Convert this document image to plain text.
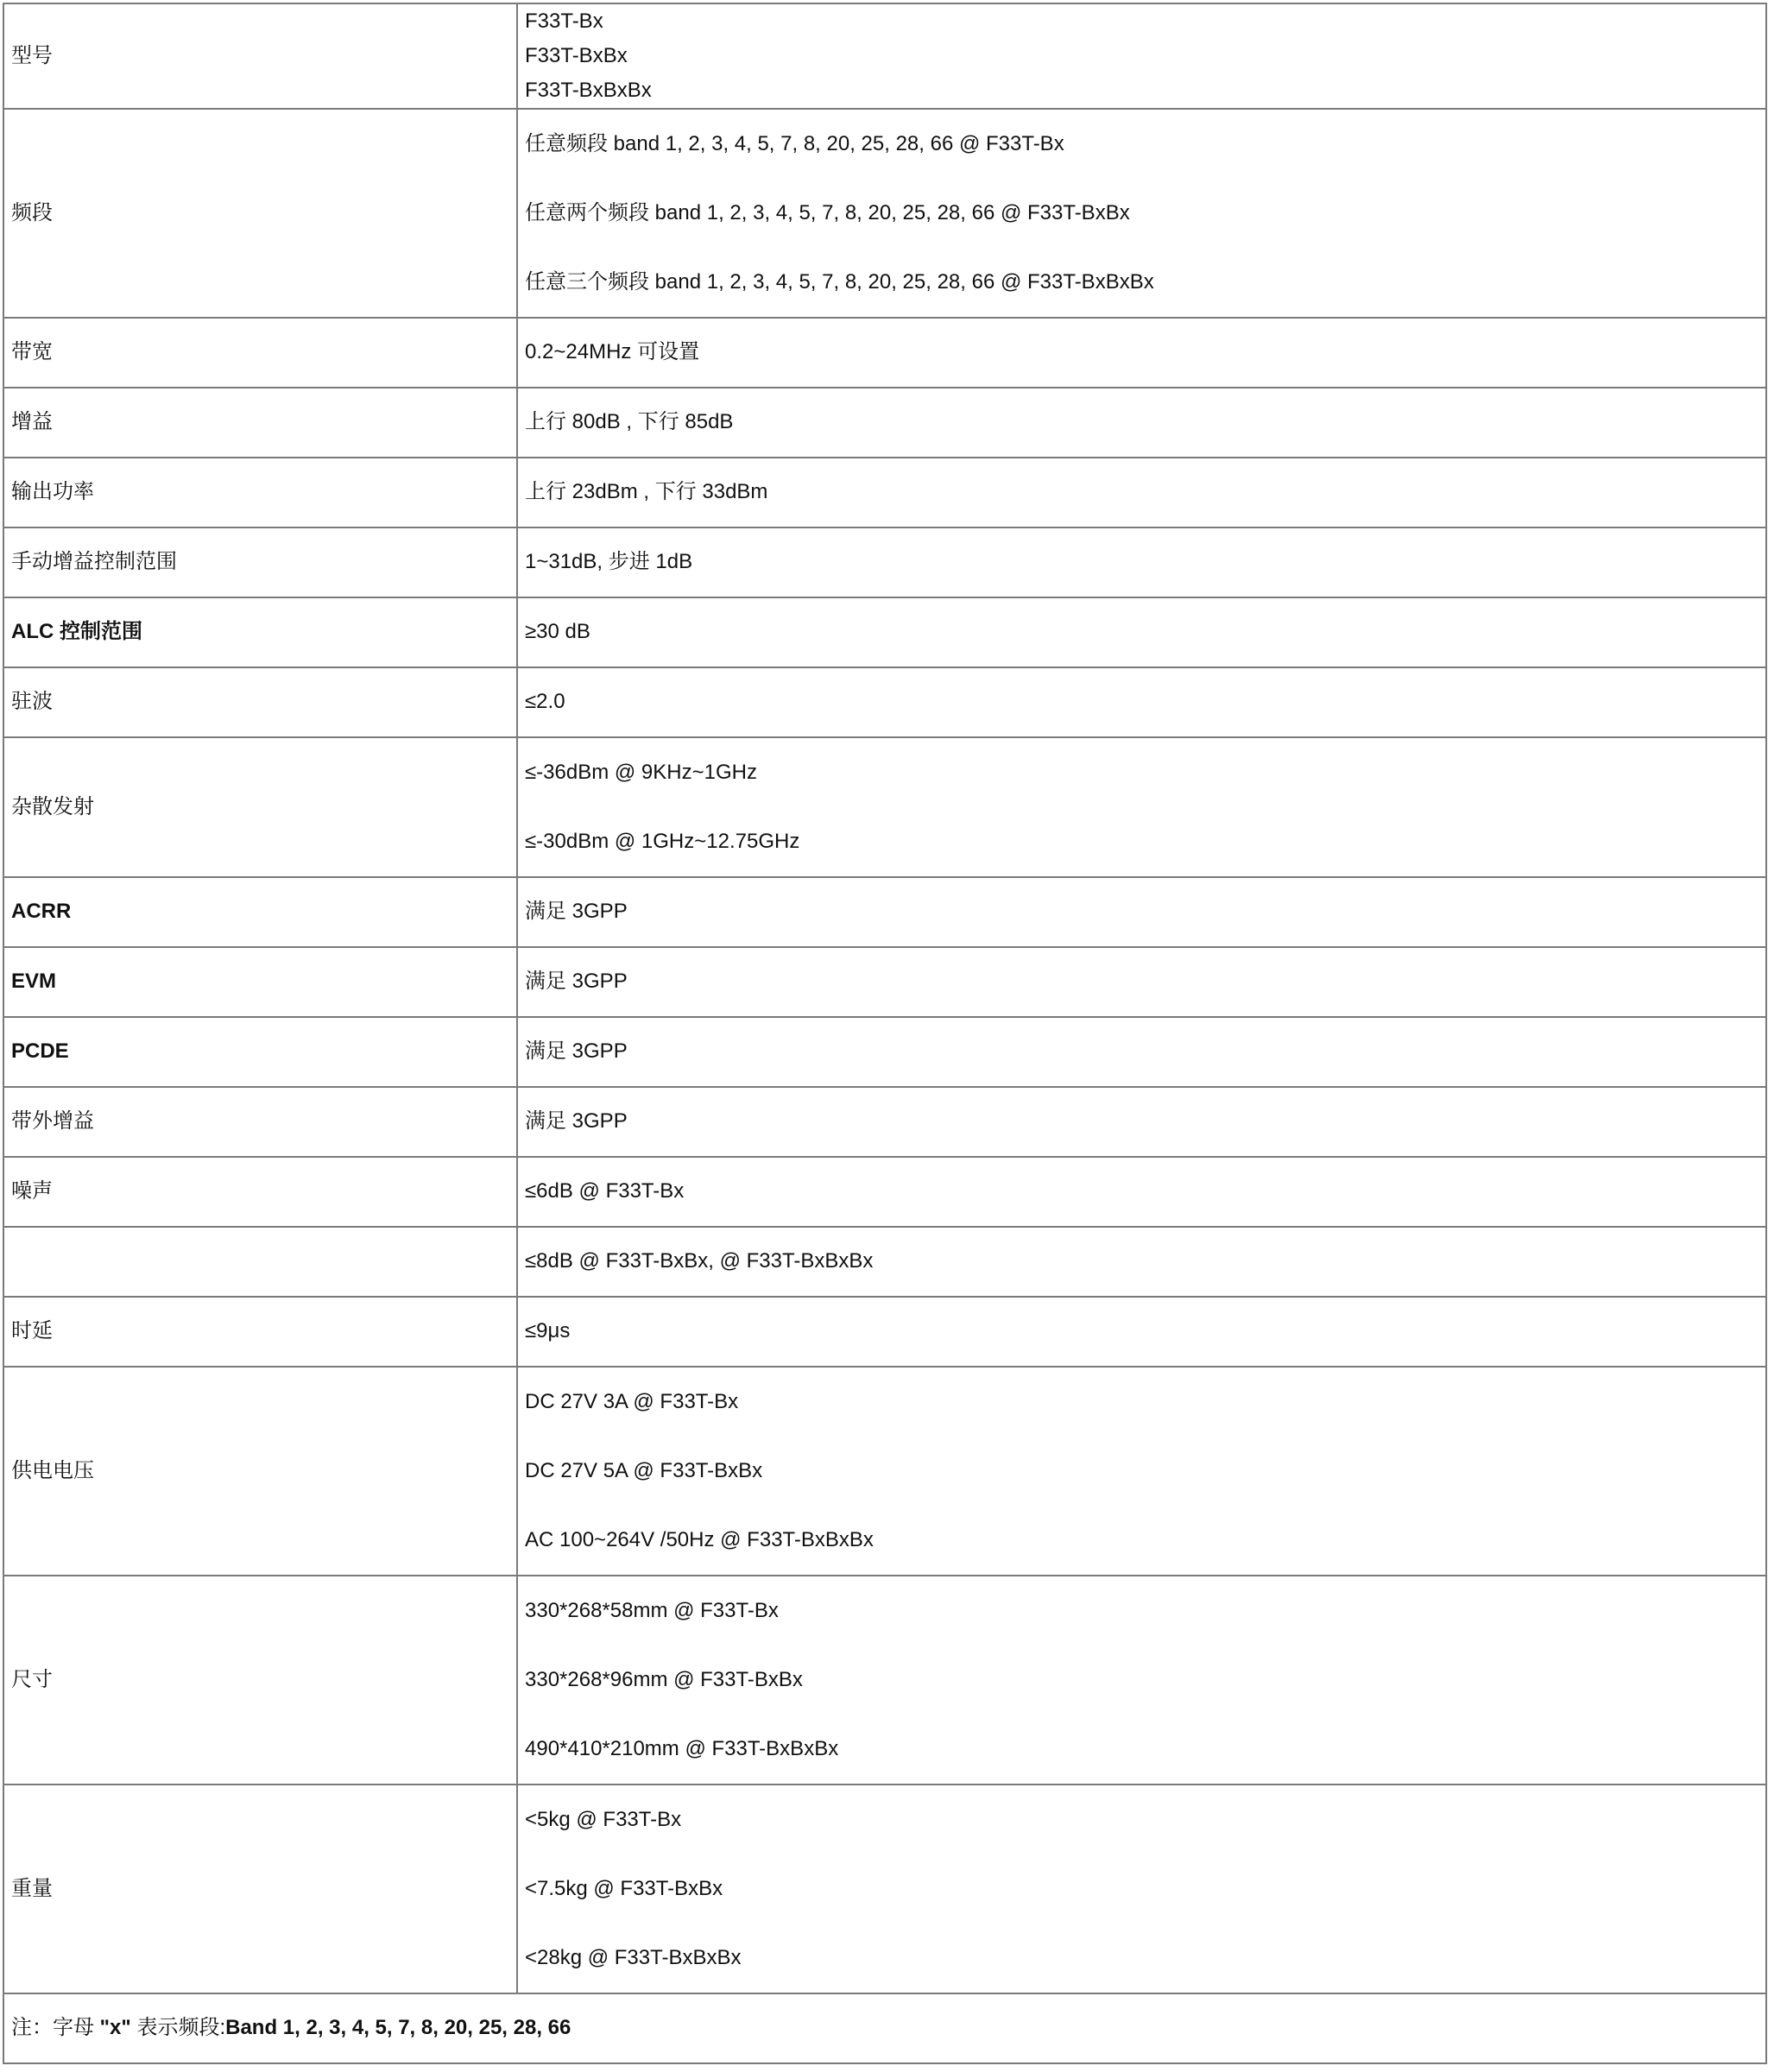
型号	F33T-Bx
F33T-BxBx
F33T-BxBxBx

频段	任意频段 band 1, 2, 3, 4, 5, 7, 8, 20, 25, 28, 66 @ F33T-Bx
任意两个频段 band 1, 2, 3, 4, 5, 7, 8, 20, 25, 28, 66 @ F33T-BxBx
任意三个频段 band 1, 2, 3, 4, 5, 7, 8, 20, 25, 28, 66 @ F33T-BxBxBx

带宽	0.2~24MHz 可设置

增益	上行 80dB , 下行 85dB

输出功率	上行 23dBm , 下行 33dBm

手动增益控制范围	1~31dB, 步进 1dB

ALC 控制范围	≥30 dB

驻波	≤2.0

杂散发射	≤-36dBm @ 9KHz~1GHz
≤-30dBm @ 1GHz~12.75GHz

ACRR	满足 3GPP

EVM	满足 3GPP

PCDE	满足 3GPP

带外增益	满足 3GPP

噪声	≤6dB @ F33T-Bx

	≤8dB @ F33T-BxBx, @ F33T-BxBxBx

时延	≤9μs

供电电压	DC 27V 3A @ F33T-Bx
DC 27V 5A @ F33T-BxBx
AC 100~264V /50Hz @ F33T-BxBxBx

尺寸	330*268*58mm @ F33T-Bx
330*268*96mm @ F33T-BxBx
490*410*210mm @ F33T-BxBxBx

重量	<5kg @ F33T-Bx
<7.5kg @ F33T-BxBx
<28kg @ F33T-BxBxBx

注：字母 "x" 表示频段:Band 1, 2, 3, 4, 5, 7, 8, 20, 25, 28, 66	
